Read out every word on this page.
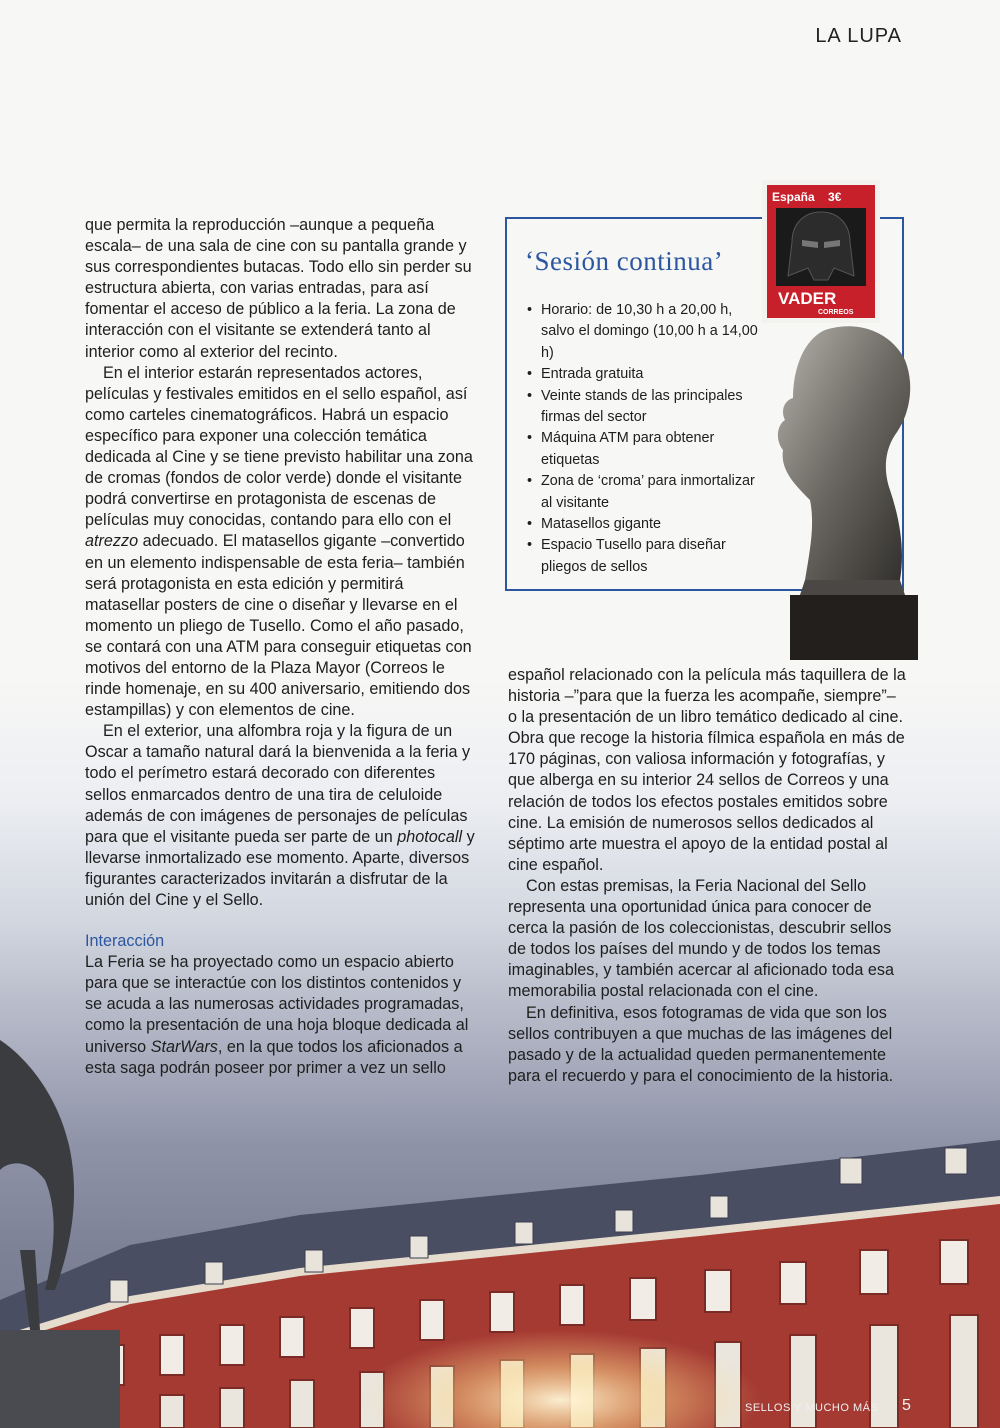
LA LUPA

que permita la reproducción –aunque a pequeña escala– de una sala de cine con su pantalla grande y sus correspondientes butacas. Todo ello sin perder su estructura abierta, con varias entradas, para así fomentar el acceso de público a la feria. La zona de interacción con el visitante se extenderá tanto al interior como al exterior del recinto.

En el interior estarán representados actores, películas y festivales emitidos en el sello español, así como carteles cinematográficos. Habrá un espacio específico para exponer una colección temática dedicada al Cine y se tiene previsto habilitar una zona de cromas (fondos de color verde) donde el visitante podrá convertirse en protagonista de escenas de películas muy conocidas, contando para ello con el atrezzo adecuado. El matasellos gigante –convertido en un elemento indispensable de esta feria– también será protagonista en esta edición y permitirá matasellar posters de cine o diseñar y llevarse en el momento un pliego de Tusello. Como el año pasado, se contará con una ATM para conseguir etiquetas con motivos del entorno de la Plaza Mayor (Correos le rinde homenaje, en su 400 aniversario, emitiendo dos estampillas) y con elementos de cine.

En el exterior, una alfombra roja y la figura de un Oscar a tamaño natural dará la bienvenida a la feria y todo el perímetro estará decorado con diferentes sellos enmarcados dentro de una tira de celuloide además de con imágenes de personajes de películas para que el visitante pueda ser parte de un photocall y llevarse inmortalizado ese momento. Aparte, diversos figurantes caracterizados invitarán a disfrutar de la unión del Cine y el Sello.

Interacción

La Feria se ha proyectado como un espacio abierto para que se interactúe con los distintos contenidos y se acuda a las numerosas actividades programadas, como la presentación de una hoja bloque dedicada al universo StarWars, en la que todos los aficionados a esta saga podrán poseer por primer a vez un sello

‘Sesión continua’
• Horario: de 10,30 h a 20,00 h, salvo el domingo (10,00 h a 14,00 h)
• Entrada gratuita
• Veinte stands de las principales firmas del sector
• Máquina ATM para obtener etiquetas
• Zona de ‘croma’ para inmortalizar al visitante
• Matasellos gigante
• Espacio Tusello para diseñar pliegos de sellos
España 3€
VADER
CORREOS

español relacionado con la película más taquillera de la historia –”para que la fuerza les acompañe, siempre”– o la presentación de un libro temático dedicado al cine. Obra que recoge la historia fílmica española en más de 170 páginas, con valiosa información y fotografías, y que alberga en su interior 24 sellos de Correos y una relación de todos los efectos postales emitidos sobre cine. La emisión de numerosos sellos dedicados al séptimo arte muestra el apoyo de la entidad postal al cine español.

Con estas premisas, la Feria Nacional del Sello representa una oportunidad única para conocer de cerca la pasión de los coleccionistas, descubrir sellos de todos los países del mundo y de todos los temas imaginables, y también acercar al aficionado toda esa memorabilia postal relacionada con el cine.

En definitiva, esos fotogramas de vida que son los sellos contribuyen a que muchas de las imágenes del pasado y de la actualidad queden permanentemente para el recuerdo y para el conocimiento de la historia.

SELLOS Y MUCHO MÁS 5
